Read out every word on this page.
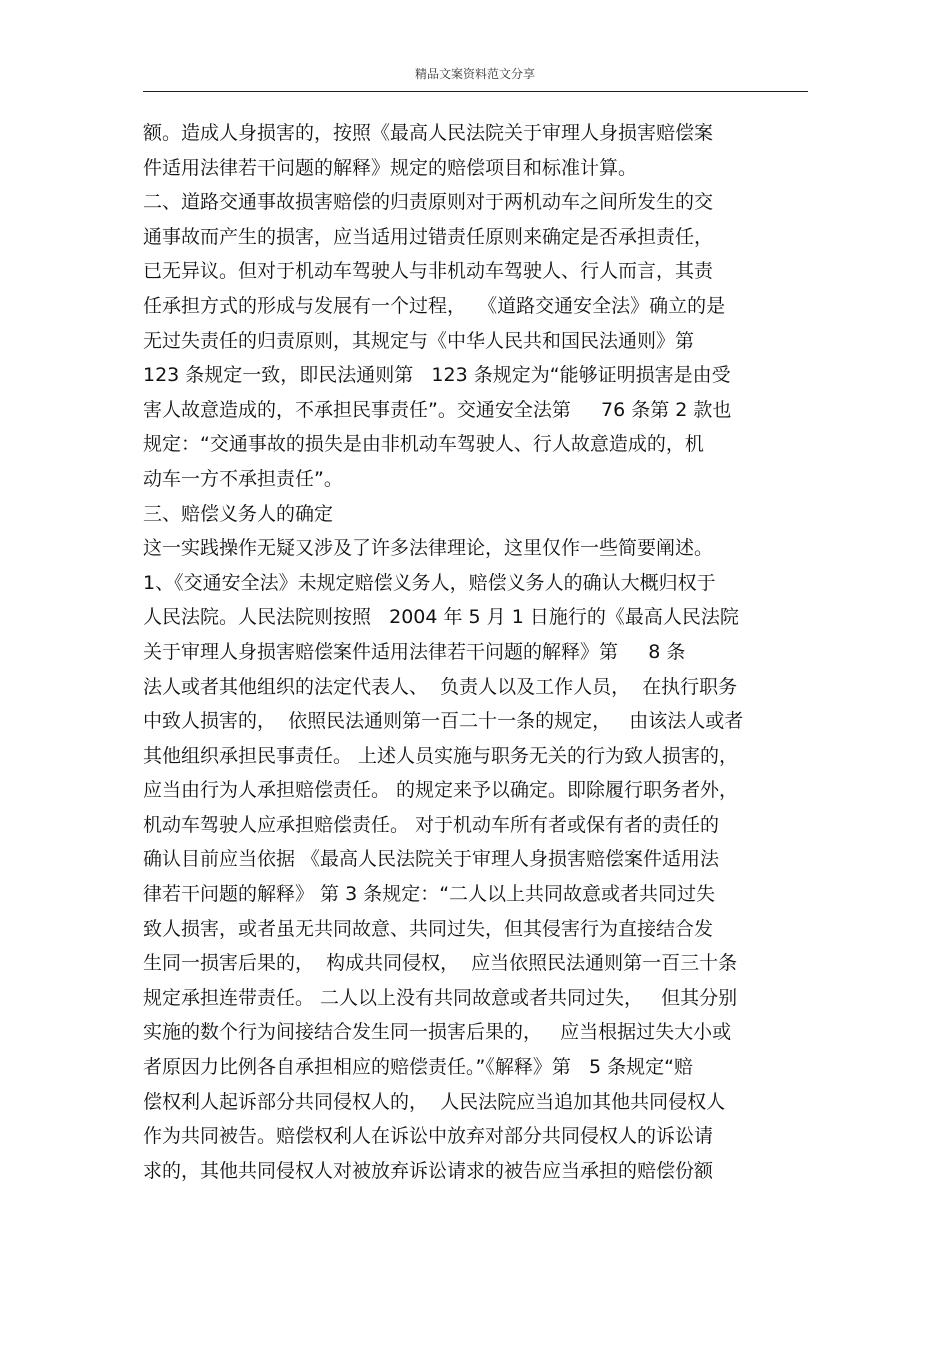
精品文案资料范文分享
额。造成人身损害的，按照《最高人民法院关于审理人身损害赔偿案
件适用法律若干问题的解释》规定的赔偿项目和标准计算。
二、道路交通事故损害赔偿的归责原则对于两机动车之间所发生的交
通事故而产生的损害，应当适用过错责任原则来确定是否承担责任，
已无异议。但对于机动车驾驶人与非机动车驾驶人、行人而言，其责
任承担方式的形成与发展有一个过程，  《道路交通安全法》确立的是
无过失责任的归责原则，其规定与《中华人民共和国民法通则》第
123 条规定一致，即民法通则第   123 条规定为“能够证明损害是由受
害人故意造成的，不承担民事责任”。交通安全法第     76 条第 2 款也
规定：“交通事故的损失是由非机动车驾驶人、行人故意造成的，机
动车一方不承担责任”。
三、赔偿义务人的确定
这一实践操作无疑又涉及了许多法律理论，这里仅作一些简要阐述。
1、《交通安全法》未规定赔偿义务人，赔偿义务人的确认大概归权于
人民法院。人民法院则按照   2004 年 5 月 1 日施行的《最高人民法院
关于审理人身损害赔偿案件适用法律若干问题的解释》第     8 条
法人或者其他组织的法定代表人、  负责人以及工作人员，  在执行职务
中致人损害的，  依照民法通则第一百二十一条的规定，   由该法人或者
其他组织承担民事责任。 上述人员实施与职务无关的行为致人损害的，
应当由行为人承担赔偿责任。 的规定来予以确定。即除履行职务者外，
机动车驾驶人应承担赔偿责任。 对于机动车所有者或保有者的责任的
确认目前应当依据 《最高人民法院关于审理人身损害赔偿案件适用法
律若干问题的解释》 第 3 条规定：“二人以上共同故意或者共同过失
致人损害，或者虽无共同故意、共同过失，但其侵害行为直接结合发
生同一损害后果的，  构成共同侵权，  应当依照民法通则第一百三十条
规定承担连带责任。 二人以上没有共同故意或者共同过失，   但其分别
实施的数个行为间接结合发生同一损害后果的，   应当根据过失大小或
者原因力比例各自承担相应的赔偿责任。”《解释》第   5 条规定“赔
偿权利人起诉部分共同侵权人的，  人民法院应当追加其他共同侵权人
作为共同被告。赔偿权利人在诉讼中放弃对部分共同侵权人的诉讼请
求的，其他共同侵权人对被放弃诉讼请求的被告应当承担的赔偿份额
